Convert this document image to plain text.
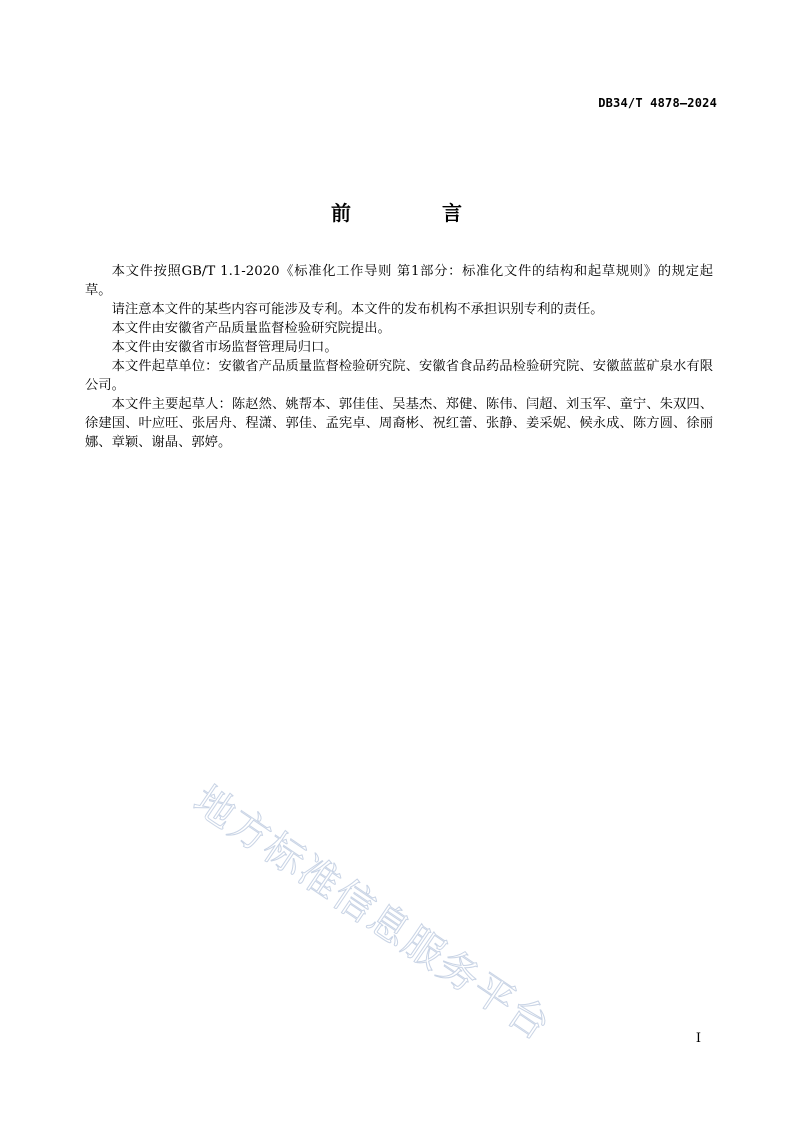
DB34/T 4878—2024
前 言

本文件按照GB/T 1.1-2020《标准化工作导则 第1部分：标准化文件的结构和起草规则》的规定起草。

请注意本文件的某些内容可能涉及专利。本文件的发布机构不承担识别专利的责任。

本文件由安徽省产品质量监督检验研究院提出。

本文件由安徽省市场监督管理局归口。

本文件起草单位：安徽省产品质量监督检验研究院、安徽省食品药品检验研究院、安徽蓝蓝矿泉水有限公司。

本文件主要起草人：陈赵然、姚帮本、郭佳佳、吴基杰、郑健、陈伟、闫超、刘玉军、童宁、朱双四、徐建国、叶应旺、张居舟、程潇、郭佳、孟宪卓、周裔彬、祝红蕾、张静、姜采妮、候永成、陈方圆、徐丽娜、章颖、谢晶、郭婷。

地方标准信息服务平台	I
